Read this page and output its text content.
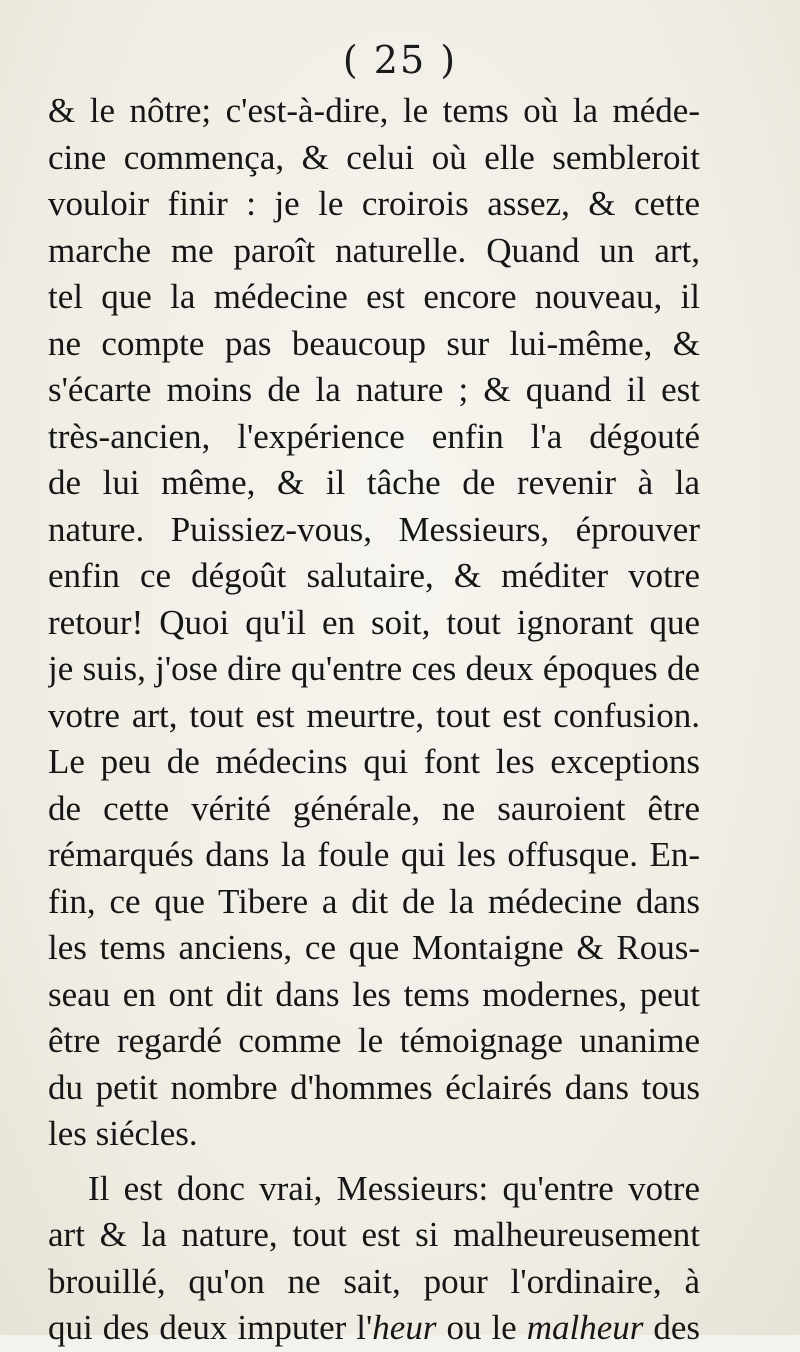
( 25 )
& le nôtre; c'est-à-dire, le tems où la méde-
cine commença, & celui où elle sembleroit
vouloir finir : je le croirois assez, & cette
marche me paroît naturelle. Quand un art,
tel que la médecine est encore nouveau, il
ne compte pas beaucoup sur lui-même, &
s'écarte moins de la nature ; & quand il est
très-ancien, l'expérience enfin l'a dégouté
de lui même, & il tâche de revenir à la
nature. Puissiez-vous, Messieurs, éprouver
enfin ce dégoût salutaire, & méditer votre
retour! Quoi qu'il en soit, tout ignorant que
je suis, j'ose dire qu'entre ces deux époques de
votre art, tout est meurtre, tout est confusion.
Le peu de médecins qui font les exceptions
de cette vérité générale, ne sauroient être
rémarqués dans la foule qui les offusque. En-
fin, ce que Tibere a dit de la médecine dans
les tems anciens, ce que Montaigne & Rous-
seau en ont dit dans les tems modernes, peut
être regardé comme le témoignage unanime
du petit nombre d'hommes éclairés dans tous
les siécles.
Il est donc vrai, Messieurs: qu'entre votre
art & la nature, tout est si malheureusement
brouillé, qu'on ne sait, pour l'ordinaire, à
qui des deux imputer l'heur ou le malheur des
